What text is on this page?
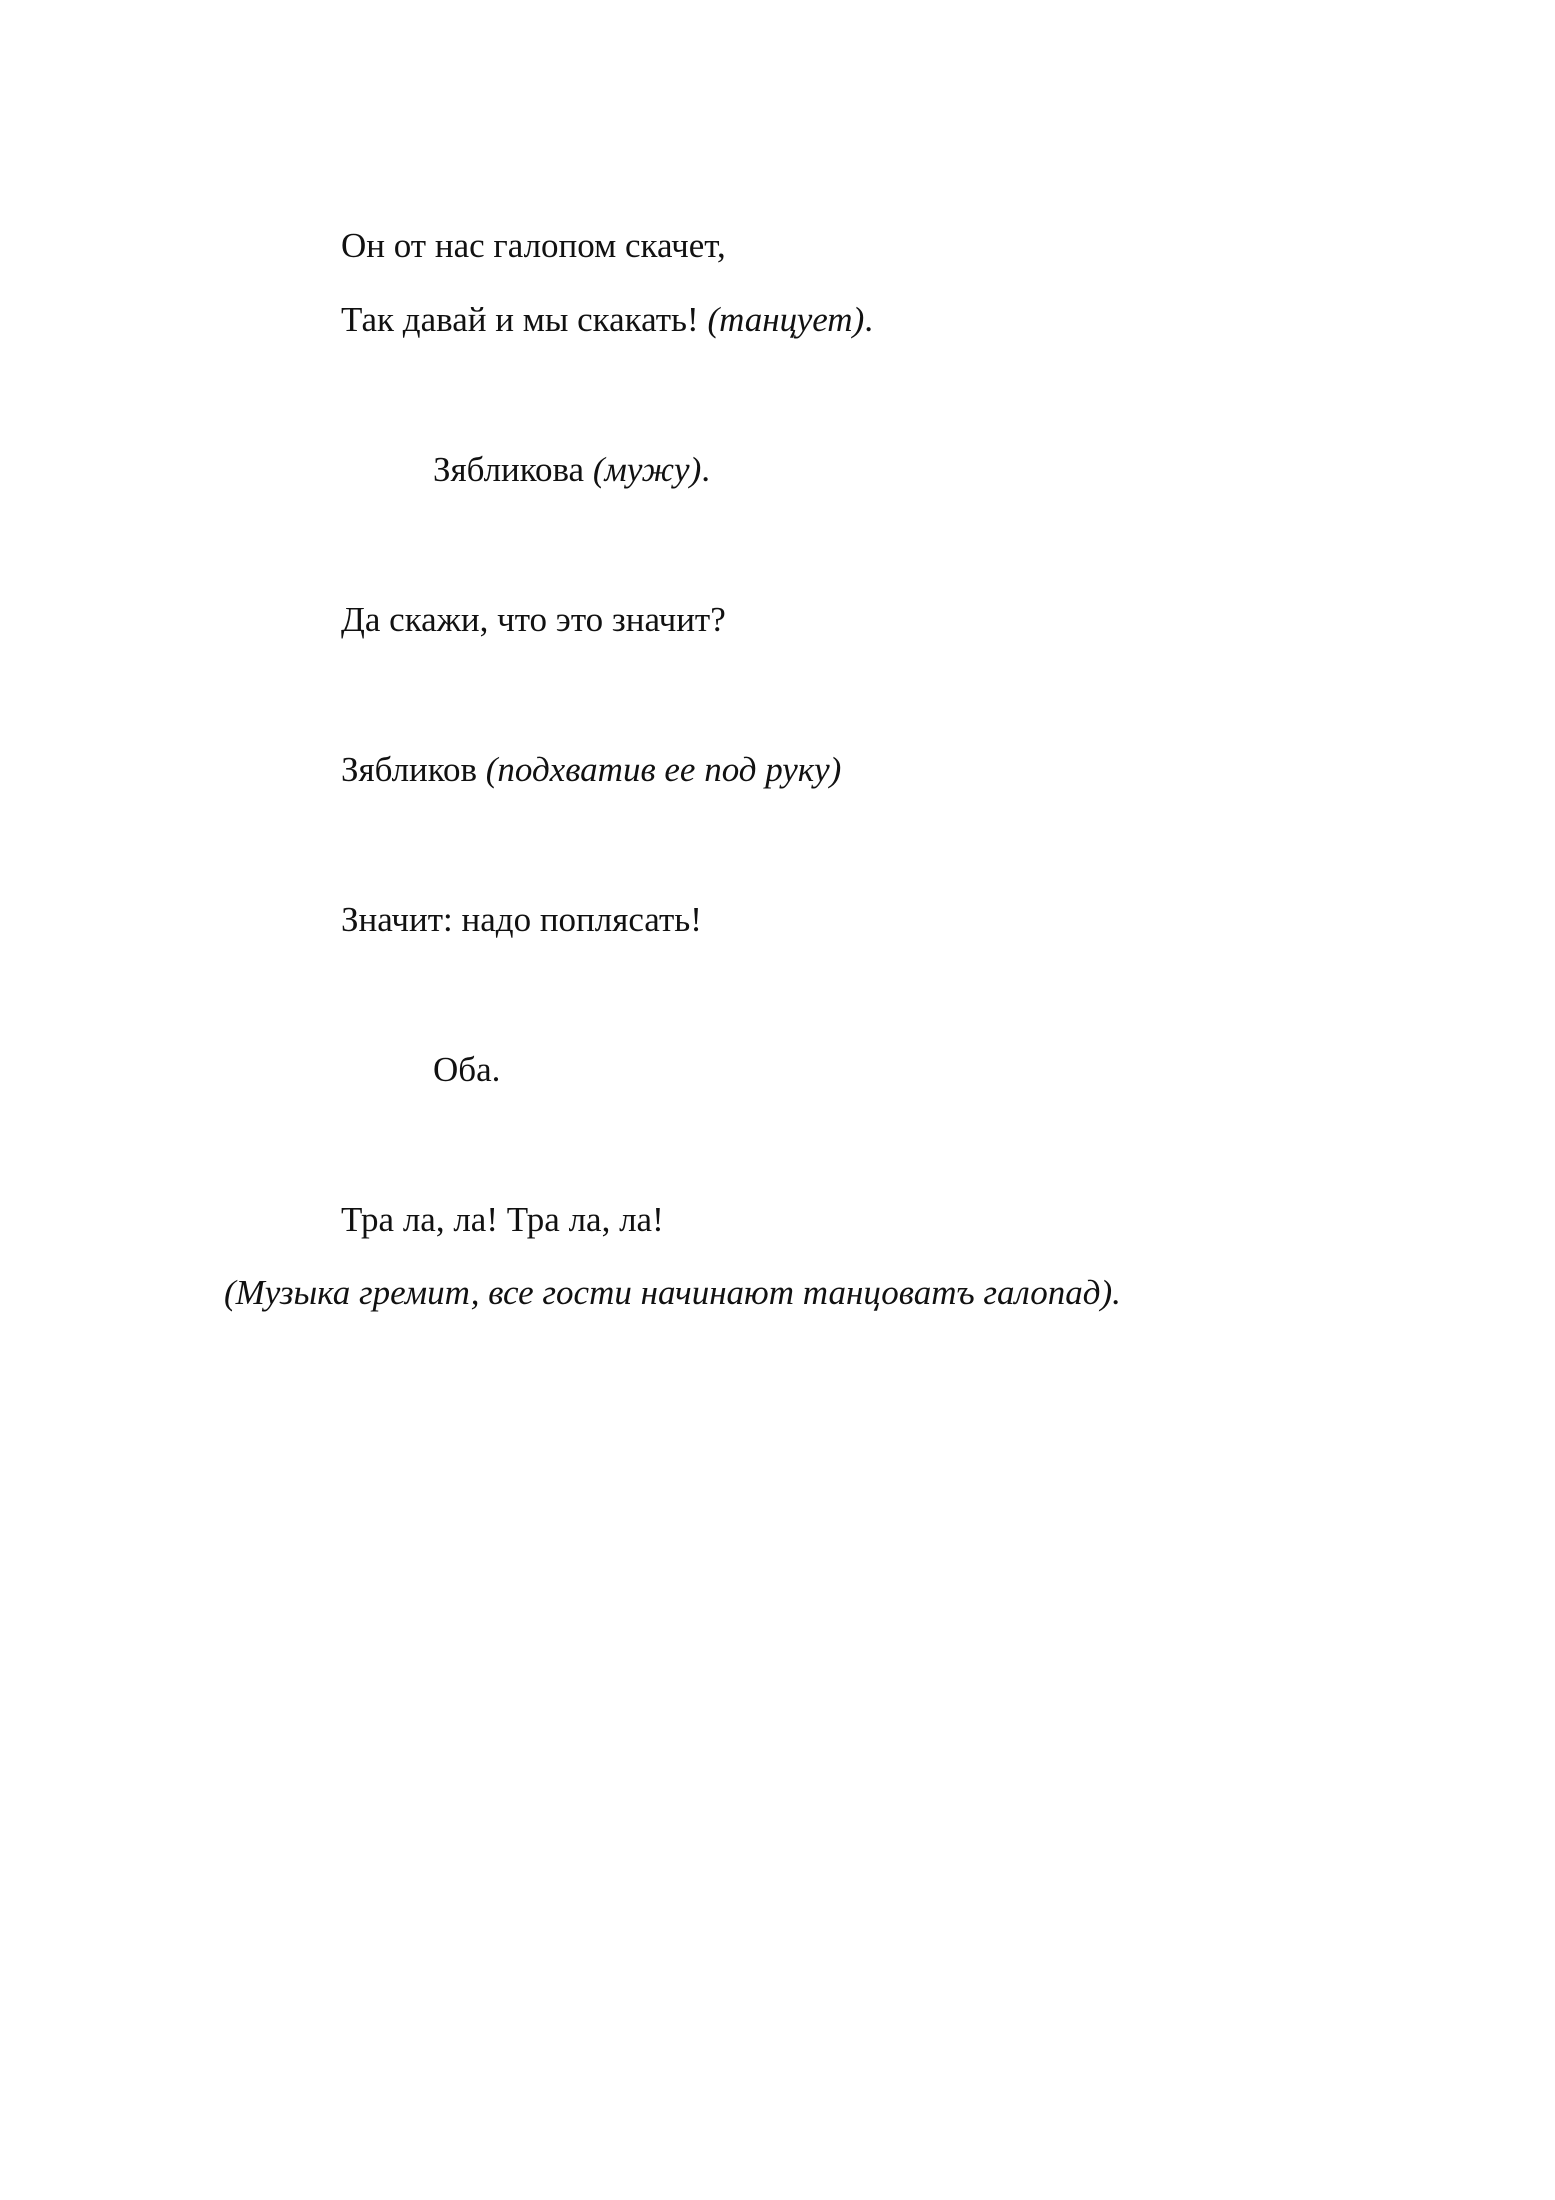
Он от нас галопом скачет,
Так давай и мы скакать! (танцует).
Зябликова (мужу).
Да скажи, что это значит?
Зябликов (подхватив ее под руку)
Значит: надо поплясать!
Оба.
Тра ла, ла! Тра ла, ла!
(Музыка гремит, все гости начинают танцоватъ галопад).
